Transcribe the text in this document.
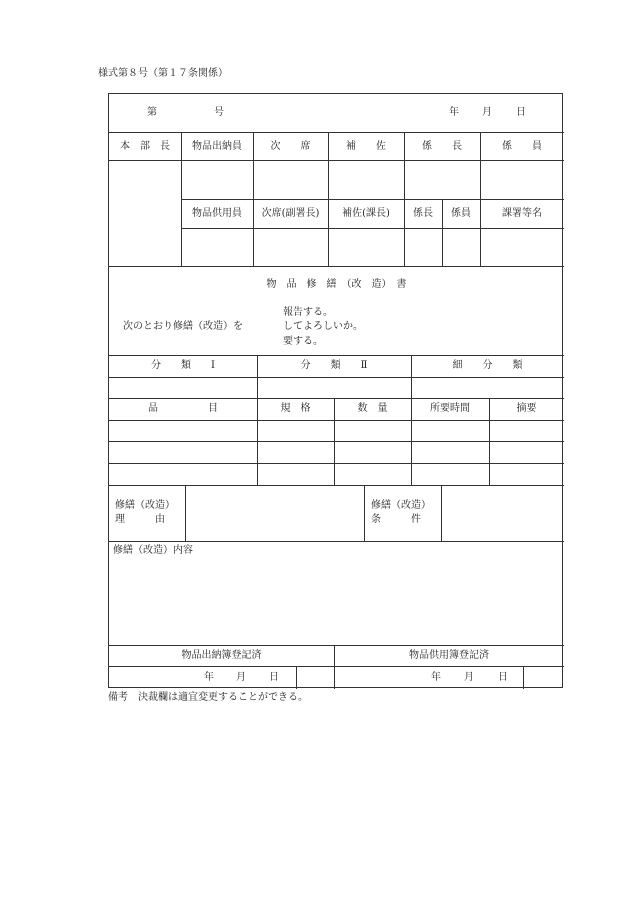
様式第８号（第１７条関係）
第	号	年 月 日
本　部　長	物品出納員	次　　席	補　　佐	係　　長	係　　員
物品供用員	次席(副署長)	補佐(課長)	係長	係員	課署等名
物　品　修　繕　（改　造）　書
次のとおり修繕（改造）を
報告する。
してよろしいか。
要する。
分　　類　　Ⅰ	分　　類　　Ⅱ	細　　分　　類
品　　　　　目	規　格	数　量	所要時間	摘要
修繕（改造）
理　　　由
修繕（改造）
条　　　件
修繕（改造）内容
物品出納簿登記済	物品供用簿登記済
年 月 日	年 月 日
備考　決裁欄は適宜変更することができる。
